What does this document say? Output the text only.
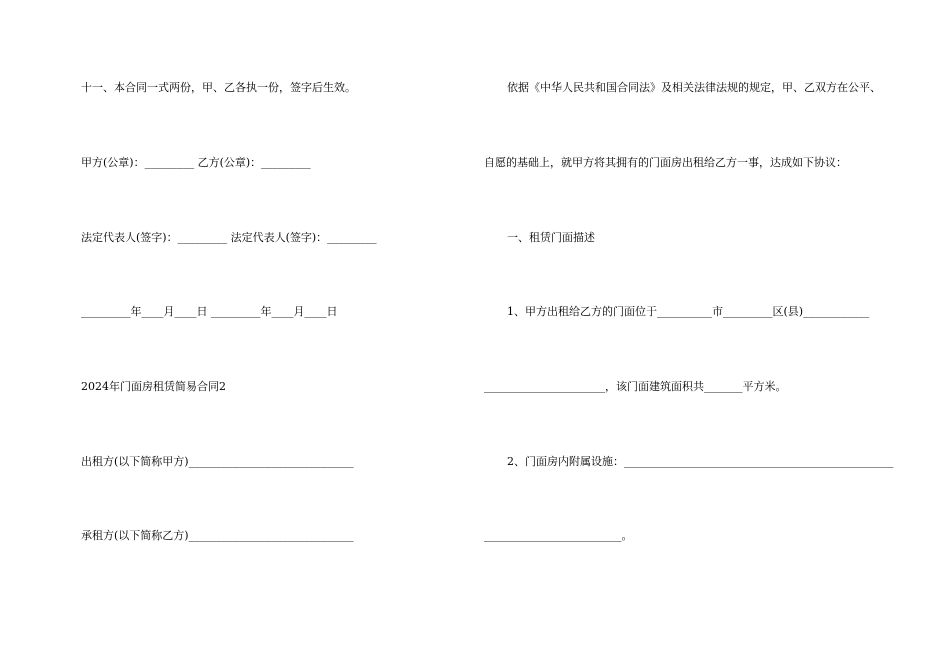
十一、本合同一式两份，甲、乙各执一份，签字后生效。
甲方(公章)：_________ 乙方(公章)：_________
法定代表人(签字)：_________ 法定代表人(签字)：_________
_________年____月____日 _________年____月____日
2024年门面房租赁简易合同2
出租方(以下简称甲方)______________________________
承租方(以下简称乙方)______________________________
依据《中华人民共和国合同法》及相关法律法规的规定，甲、乙双方在公平、
自愿的基础上，就甲方将其拥有的门面房出租给乙方一事，达成如下协议：
一、租赁门面描述
1、甲方出租给乙方的门面位于__________市_________区(县)____________
______________________，该门面建筑面积共_______平方米。
2、门面房内附属设施：_________________________________________________
_________________________。
